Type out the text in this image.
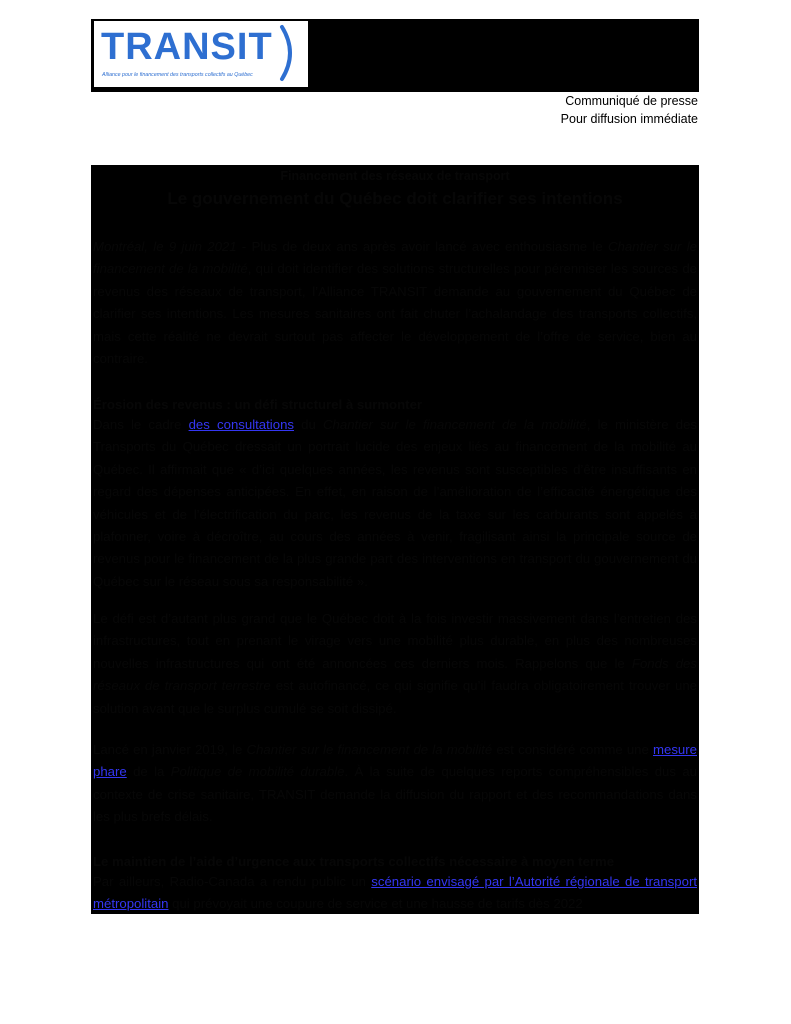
TRANSIT
Alliance pour le financement des transports collectifs au Québec
Communiqué de presse
Pour diffusion immédiate
Financement des réseaux de transport
Le gouvernement du Québec doit clarifier ses intentions
Montréal, le 9 juin 2021 - Plus de deux ans après avoir lancé avec enthousiasme le Chantier sur le financement de la mobilité, qui doit identifier des solutions structurelles pour pérenniser les sources de revenus des réseaux de transport, l’Alliance TRANSIT demande au gouvernement du Québec de clarifier ses intentions. Les mesures sanitaires ont fait chuter l’achalandage des transports collectifs, mais cette réalité ne devrait surtout pas affecter le développement de l’offre de service, bien au contraire.
Érosion des revenus : un défi structurel à surmonter
Dans le cadre des consultations du Chantier sur le financement de la mobilité, le ministère des Transports du Québec dressait un portrait lucide des enjeux liés au financement de la mobilité au Québec. Il affirmait que « d’ici quelques années, les revenus sont susceptibles d’être insuffisants en regard des dépenses anticipées. En effet, en raison de l’amélioration de l’efficacité énergétique des véhicules et de l’électrification du parc, les revenus de la taxe sur les carburants sont appelés à plafonner, voire à décroître, au cours des années à venir, fragilisant ainsi la principale source de revenus pour le financement de la plus grande part des interventions en transport du gouvernement du Québec sur le réseau sous sa responsabilité ».
Le défi est d’autant plus grand que le Québec doit à la fois investir massivement dans l’entretien des infrastructures, tout en prenant le virage vers une mobilité plus durable, en plus des nombreuses nouvelles infrastructures qui ont été annoncées ces derniers mois. Rappelons que le Fonds des réseaux de transport terrestre est autofinancé, ce qui signifie qu’il faudra obligatoirement trouver une solution avant que le surplus cumulé se soit dissipé.
Lancé en janvier 2019, le Chantier sur le financement de la mobilité est considéré comme une mesure phare de la Politique de mobilité durable. À la suite de quelques reports compréhensibles dus au contexte de crise sanitaire, TRANSIT demande la diffusion du rapport et des recommandations dans les plus brefs délais.
Le maintien de l’aide d’urgence aux transports collectifs nécessaire à moyen terme
Par ailleurs, Radio-Canada a rendu public un scénario envisagé par l’Autorité régionale de transport métropolitain qui prévoyait une coupure de service et une hausse de tarifs dès 2022
